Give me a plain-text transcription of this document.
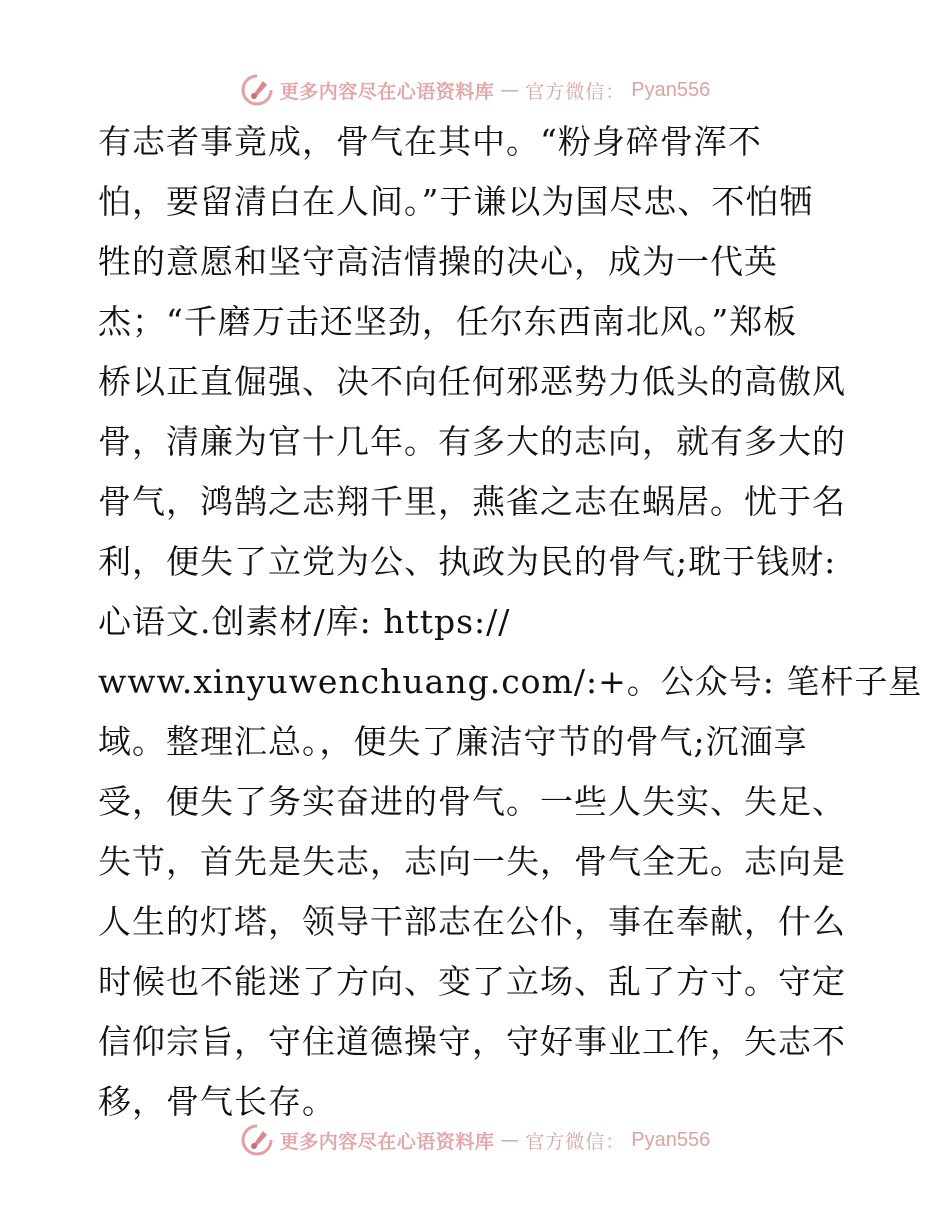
更多内容尽在心语资料库 — 官方微信： Pyan556
有志者事竟成，骨气在其中。“粉身碎骨浑不
怕，要留清白在人间。”于谦以为国尽忠、不怕牺
牲的意愿和坚守高洁情操的决心，成为一代英
杰；“千磨万击还坚劲，任尔东西南北风。”郑板
桥以正直倔强、决不向任何邪恶势力低头的高傲风
骨，清廉为官十几年。有多大的志向，就有多大的
骨气，鸿鹄之志翔千里，燕雀之志在蜗居。忧于名
利，便失了立党为公、执政为民的骨气;耽于钱财:
心语文.创素材/库: https://
www.xinyuwenchuang.com/:+。公众号: 笔杆子星
域。整理汇总。，便失了廉洁守节的骨气;沉湎享
受，便失了务实奋进的骨气。一些人失实、失足、
失节，首先是失志，志向一失，骨气全无。志向是
人生的灯塔，领导干部志在公仆，事在奉献，什么
时候也不能迷了方向、变了立场、乱了方寸。守定
信仰宗旨，守住道德操守，守好事业工作，矢志不
移，骨气长存。
更多内容尽在心语资料库 — 官方微信： Pyan556
